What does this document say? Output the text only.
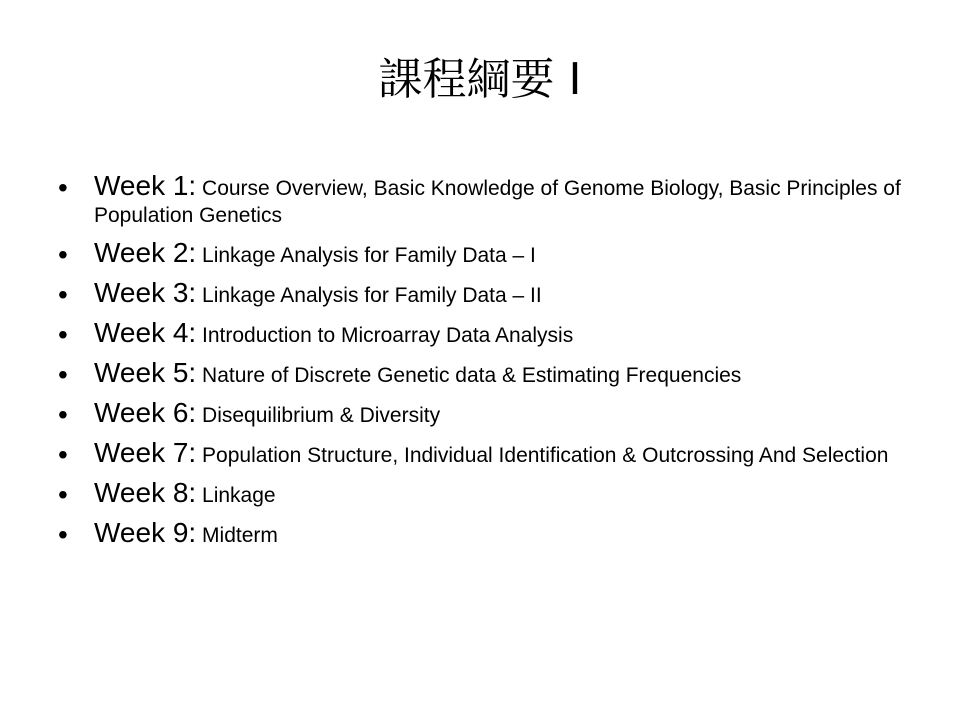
課程綱要 I
• Week 1: Course Overview, Basic Knowledge of Genome Biology, Basic Principles of Population Genetics
• Week 2: Linkage Analysis for Family Data – I
• Week 3: Linkage Analysis for Family Data – II
• Week 4: Introduction to Microarray Data Analysis
• Week 5: Nature of Discrete Genetic data & Estimating Frequencies
• Week 6: Disequilibrium & Diversity
• Week 7: Population Structure, Individual Identification & Outcrossing And Selection
• Week 8: Linkage
• Week 9: Midterm
